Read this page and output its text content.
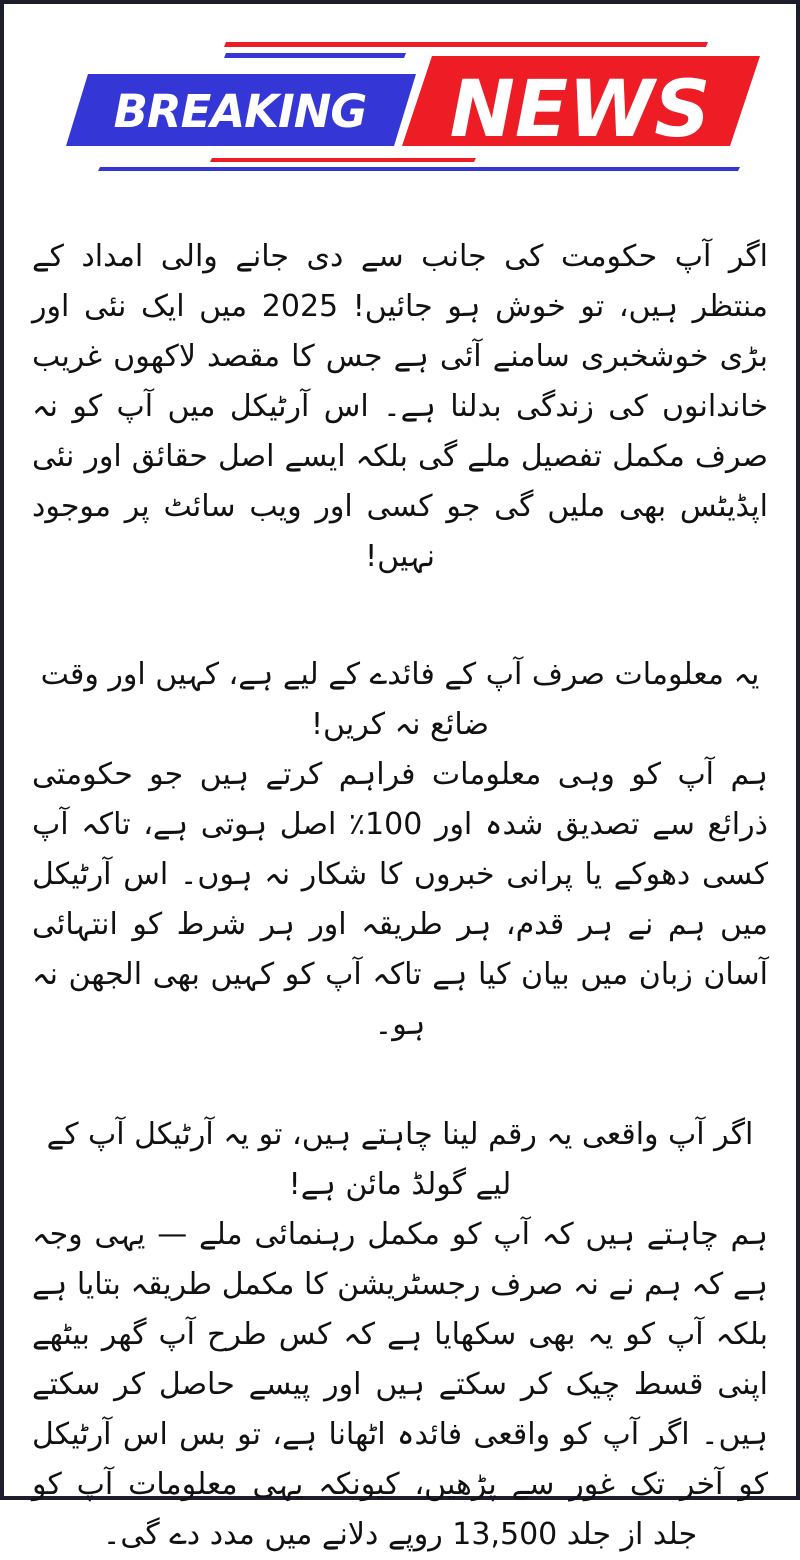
BREAKING NEWS

اگر آپ حکومت کی جانب سے دی جانے والی امداد کے منتظر ہیں، تو خوش ہو جائیں! 2025 میں ایک نئی اور بڑی خوشخبری سامنے آئی ہے جس کا مقصد لاکھوں غریب خاندانوں کی زندگی بدلنا ہے۔ اس آرٹیکل میں آپ کو نہ صرف مکمل تفصیل ملے گی بلکہ ایسے اصل حقائق اور نئی اپڈیٹس بھی ملیں گی جو کسی اور ویب سائٹ پر موجود نہیں!

یہ معلومات صرف آپ کے فائدے کے لیے ہے، کہیں اور وقت ضائع نہ کریں!

ہم آپ کو وہی معلومات فراہم کرتے ہیں جو حکومتی ذرائع سے تصدیق شدہ اور 100٪ اصل ہوتی ہے، تاکہ آپ کسی دھوکے یا پرانی خبروں کا شکار نہ ہوں۔ اس آرٹیکل میں ہم نے ہر قدم، ہر طریقہ اور ہر شرط کو انتہائی آسان زبان میں بیان کیا ہے تاکہ آپ کو کہیں بھی الجھن نہ ہو۔

اگر آپ واقعی یہ رقم لینا چاہتے ہیں، تو یہ آرٹیکل آپ کے لیے گولڈ مائن ہے!

ہم چاہتے ہیں کہ آپ کو مکمل رہنمائی ملے — یہی وجہ ہے کہ ہم نے نہ صرف رجسٹریشن کا مکمل طریقہ بتایا ہے بلکہ آپ کو یہ بھی سکھایا ہے کہ کس طرح آپ گھر بیٹھے اپنی قسط چیک کر سکتے ہیں اور پیسے حاصل کر سکتے ہیں۔ اگر آپ کو واقعی فائدہ اٹھانا ہے، تو بس اس آرٹیکل کو آخر تک غور سے پڑھیں، کیونکہ یہی معلومات آپ کو جلد از جلد 13,500 روپے دلانے میں مدد دے گی۔
